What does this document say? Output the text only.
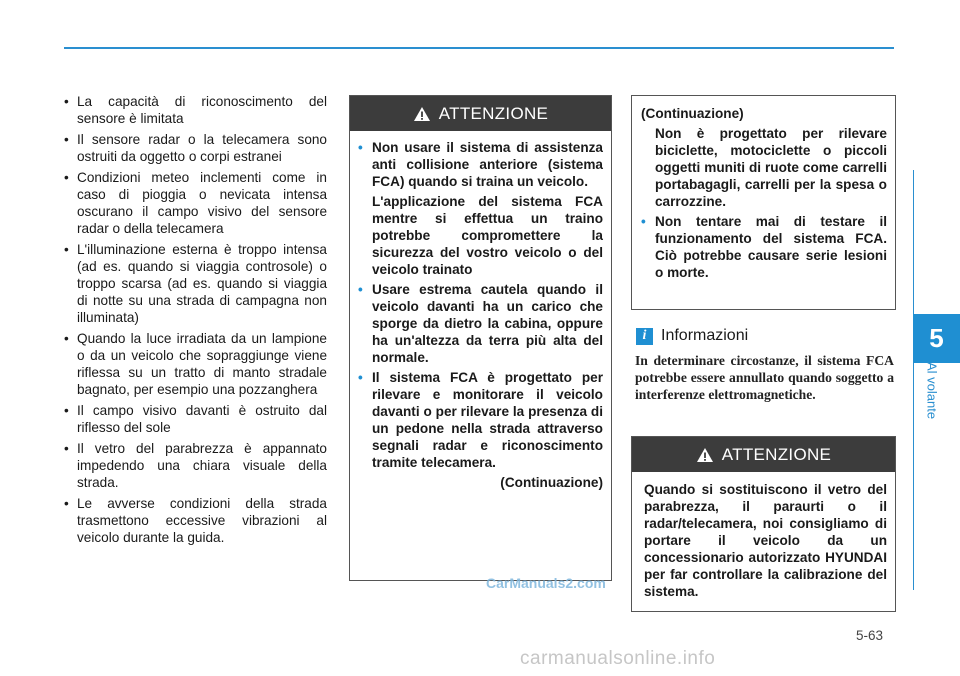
5
Al volante
• La capacità di riconoscimento del sensore è limitata
• Il sensore radar o la telecamera sono ostruiti da oggetto o corpi estranei
• Condizioni meteo inclementi come in caso di pioggia o nevicata intensa oscurano il campo visivo del sensore radar o della telecamera
• L'illuminazione esterna è troppo intensa (ad es. quando si viaggia controsole) o troppo scarsa (ad es. quando si viaggia di notte su una strada di campagna non illuminata)
• Quando la luce irradiata da un lampione o da un veicolo che sopraggiunge viene riflessa su un tratto di manto stradale bagnato, per esempio una pozzanghera
• Il campo visivo davanti è ostruito dal riflesso del sole
• Il vetro del parabrezza è appannato impedendo una chiara visuale della strada.
• Le avverse condizioni della strada trasmettono eccessive vibrazioni al veicolo durante la guida.
ATTENZIONE
• Non usare il sistema di assistenza anti collisione anteriore (sistema FCA) quando si traina un veicolo.
L'applicazione del sistema FCA mentre si effettua un traino potrebbe compromettere la sicurezza del vostro veicolo o del veicolo trainato
• Usare estrema cautela quando il veicolo davanti ha un carico che sporge da dietro la cabina, oppure ha un'altezza da terra più alta del normale.
• Il sistema FCA è progettato per rilevare e monitorare il veicolo davanti o per rilevare la presenza di un pedone nella strada attraverso segnali radar e riconoscimento tramite telecamera.
(Continuazione)
(Continuazione)
Non è progettato per rilevare biciclette, motociclette o piccoli oggetti muniti di ruote come carrelli portabagagli, carrelli per la spesa o carrozzine.
• Non tentare mai di testare il funzionamento del sistema FCA. Ciò potrebbe causare serie lesioni o morte.
i Informazioni
In determinare circostanze, il sistema FCA potrebbe essere annullato quando soggetto a interferenze elettromagnetiche.
ATTENZIONE
Quando si sostituiscono il vetro del parabrezza, il paraurti o il radar/telecamera, noi consigliamo di portare il veicolo da un concessionario autorizzato HYUNDAI per far controllare la calibrazione del sistema.
CarManuals2.com
5-63
carmanualsonline.info
